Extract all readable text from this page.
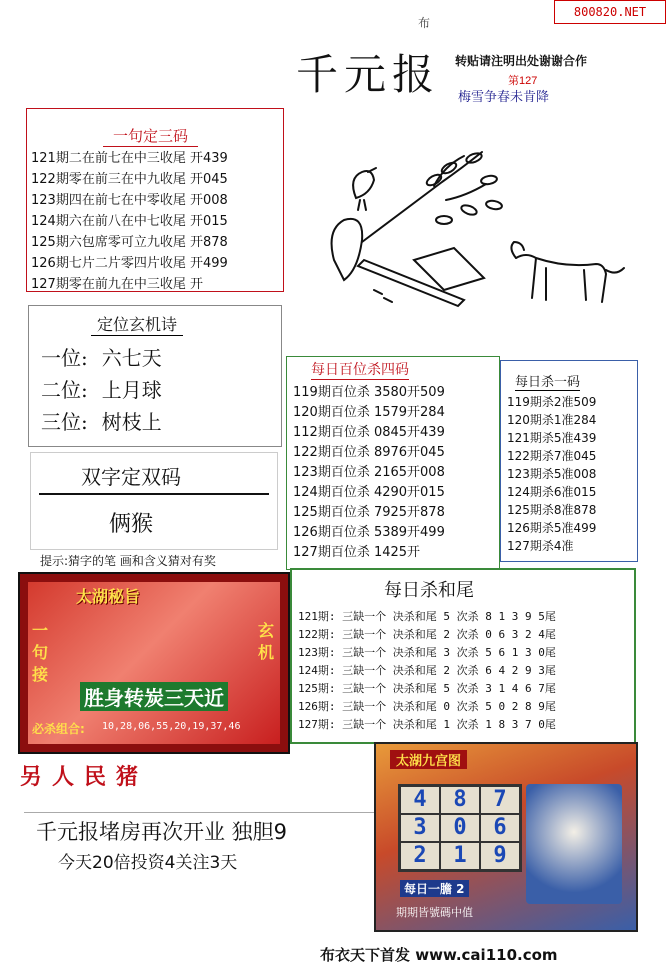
800820.NET
布
千元报 转贴请注明出处谢谢合作
第127
梅雪争春未肯降
一句定三码
121期二在前七在中三收尾 开439
122期零在前三在中九收尾 开045
123期四在前七在中零收尾 开008
124期六在前八在中七收尾 开015
125期六包席零可立九收尾 开878
126期七片二片零四片收尾 开499
127期零在前九在中三收尾 开
定位玄机诗
一位: 六七天
二位: 上月球
三位: 树枝上
每日百位杀四码
119期百位杀 3580开509
120期百位杀 1579开284
112期百位杀 0845开439
122期百位杀 8976开045
123期百位杀 2165开008
124期百位杀 4290开015
125期百位杀 7925开878
126期百位杀 5389开499
127期百位杀 1425开
每日杀一码
119期杀2准509
120期杀1准284
121期杀5准439
122期杀7准045
123期杀5准008
124期杀6准015
125期杀8准878
126期杀5准499
127期杀4准
双字定双码
俩猴
提示:猜字的笔 画和含义猜对有奖
太湖秘旨
一句接
玄机
胜身转炭三天近
必杀组合: 10,28,06,55,20,19,37,46
每日杀和尾
121期: 三缺一个 决杀和尾 5 次杀 8 1 3 9 5尾
122期: 三缺一个 决杀和尾 2 次杀 0 6 3 2 4尾
123期: 三缺一个 决杀和尾 3 次杀 5 6 1 3 0尾
124期: 三缺一个 决杀和尾 2 次杀 6 4 2 9 3尾
125期: 三缺一个 决杀和尾 5 次杀 3 1 4 6 7尾
126期: 三缺一个 决杀和尾 0 次杀 5 0 2 8 9尾
127期: 三缺一个 决杀和尾 1 次杀 1 8 3 7 0尾
另人民猪
千元报堵房再次开业 独胆9
今天20倍投资4关注3天
太湖九宫图
4	8	7
3	0	6
2	1	9
每日一膽 2
期期皆號碼中值
布衣天下首发 www.cai110.com
